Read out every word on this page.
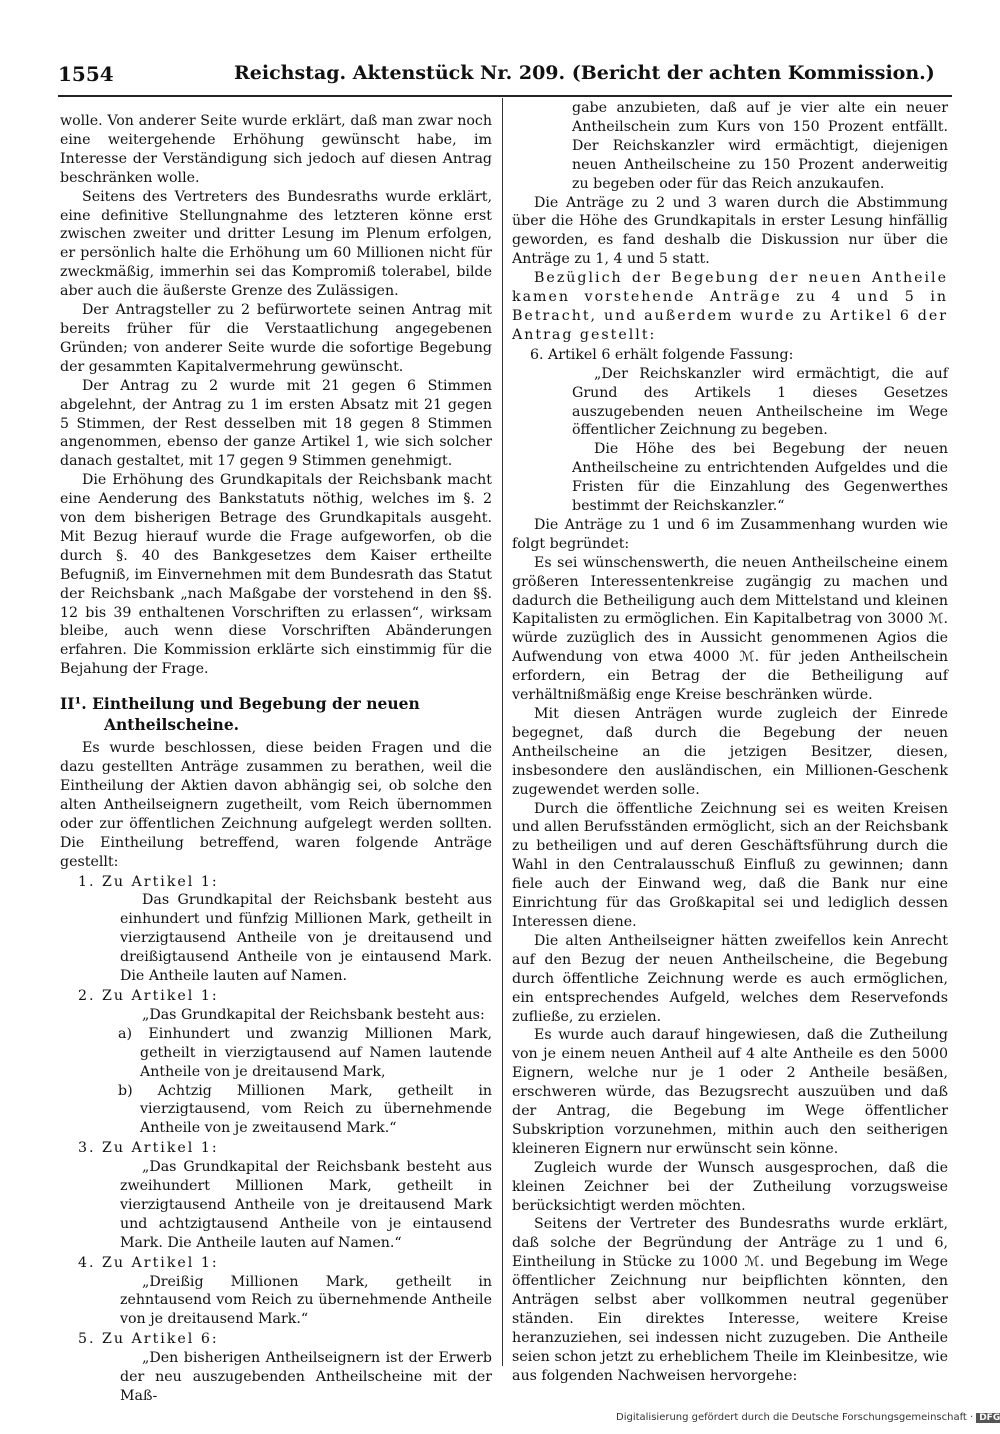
1554	Reichstag. Aktenstück Nr. 209. (Bericht der achten Kommission.)

wolle. Von anderer Seite wurde erklärt, daß man zwar noch eine weitergehende Erhöhung gewünscht habe, im Interesse der Verständigung sich jedoch auf diesen Antrag beschränken wolle.

Seitens des Vertreters des Bundesraths wurde erklärt, eine definitive Stellungnahme des letzteren könne erst zwischen zweiter und dritter Lesung im Plenum erfolgen, er persönlich halte die Erhöhung um 60 Millionen nicht für zweckmäßig, immerhin sei das Kompromiß tolerabel, bilde aber auch die äußerste Grenze des Zulässigen.

Der Antragsteller zu 2 befürwortete seinen Antrag mit bereits früher für die Verstaatlichung angegebenen Gründen; von anderer Seite wurde die sofortige Begebung der gesammten Kapitalvermehrung gewünscht.

Der Antrag zu 2 wurde mit 21 gegen 6 Stimmen abgelehnt, der Antrag zu 1 im ersten Absatz mit 21 gegen 5 Stimmen, der Rest desselben mit 18 gegen 8 Stimmen angenommen, ebenso der ganze Artikel 1, wie sich solcher danach gestaltet, mit 17 gegen 9 Stimmen genehmigt.

Die Erhöhung des Grundkapitals der Reichsbank macht eine Aenderung des Bankstatuts nöthig, welches im §. 2 von dem bisherigen Betrage des Grundkapitals ausgeht. Mit Bezug hierauf wurde die Frage aufgeworfen, ob die durch §. 40 des Bankgesetzes dem Kaiser ertheilte Befugniß, im Einvernehmen mit dem Bundesrath das Statut der Reichsbank „nach Maßgabe der vorstehend in den §§. 12 bis 39 enthaltenen Vorschriften zu erlassen“, wirksam bleibe, auch wenn diese Vorschriften Abänderungen erfahren. Die Kommission erklärte sich einstimmig für die Bejahung der Frage.

II¹. Eintheilung und Begebung der neuen Antheilscheine.

Es wurde beschlossen, diese beiden Fragen und die dazu gestellten Anträge zusammen zu berathen, weil die Eintheilung der Aktien davon abhängig sei, ob solche den alten Antheilseignern zugetheilt, vom Reich übernommen oder zur öffentlichen Zeichnung aufgelegt werden sollten. Die Eintheilung betreffend, waren folgende Anträge gestellt:

1. Zu Artikel 1:
Das Grundkapital der Reichsbank besteht aus einhundert und fünfzig Millionen Mark, getheilt in vierzigtausend Antheile von je dreitausend und dreißigtausend Antheile von je eintausend Mark. Die Antheile lauten auf Namen.
2. Zu Artikel 1:
„Das Grundkapital der Reichsbank besteht aus:
a) Einhundert und zwanzig Millionen Mark, getheilt in vierzigtausend auf Namen lautende Antheile von je dreitausend Mark,
b) Achtzig Millionen Mark, getheilt in vierzigtausend, vom Reich zu übernehmende Antheile von je zweitausend Mark.“
3. Zu Artikel 1:
„Das Grundkapital der Reichsbank besteht aus zweihundert Millionen Mark, getheilt in vierzigtausend Antheile von je dreitausend Mark und achtzigtausend Antheile von je eintausend Mark. Die Antheile lauten auf Namen.“
4. Zu Artikel 1:
„Dreißig Millionen Mark, getheilt in zehntausend vom Reich zu übernehmende Antheile von je dreitausend Mark.“
5. Zu Artikel 6:
„Den bisherigen Antheilseignern ist der Erwerb der neu auszugebenden Antheilscheine mit der Maß-

gabe anzubieten, daß auf je vier alte ein neuer Antheilschein zum Kurs von 150 Prozent entfällt. Der Reichskanzler wird ermächtigt, diejenigen neuen Antheilscheine zu 150 Prozent anderweitig zu begeben oder für das Reich anzukaufen.

Die Anträge zu 2 und 3 waren durch die Abstimmung über die Höhe des Grundkapitals in erster Lesung hinfällig geworden, es fand deshalb die Diskussion nur über die Anträge zu 1, 4 und 5 statt.

Bezüglich der Begebung der neuen Antheile kamen vorstehende Anträge zu 4 und 5 in Betracht, und außerdem wurde zu Artikel 6 der Antrag gestellt:

6. Artikel 6 erhält folgende Fassung:
„Der Reichskanzler wird ermächtigt, die auf Grund des Artikels 1 dieses Gesetzes auszugebenden neuen Antheilscheine im Wege öffentlicher Zeichnung zu begeben.
Die Höhe des bei Begebung der neuen Antheilscheine zu entrichtenden Aufgeldes und die Fristen für die Einzahlung des Gegenwerthes bestimmt der Reichskanzler.“

Die Anträge zu 1 und 6 im Zusammenhang wurden wie folgt begründet:

Es sei wünschenswerth, die neuen Antheilscheine einem größeren Interessentenkreise zugängig zu machen und dadurch die Betheiligung auch dem Mittelstand und kleinen Kapitalisten zu ermöglichen. Ein Kapitalbetrag von 3000 ℳ. würde zuzüglich des in Aussicht genommenen Agios die Aufwendung von etwa 4000 ℳ. für jeden Antheilschein erfordern, ein Betrag der die Betheiligung auf verhältnißmäßig enge Kreise beschränken würde.

Mit diesen Anträgen wurde zugleich der Einrede begegnet, daß durch die Begebung der neuen Antheilscheine an die jetzigen Besitzer, diesen, insbesondere den ausländischen, ein Millionen-Geschenk zugewendet werden solle.

Durch die öffentliche Zeichnung sei es weiten Kreisen und allen Berufsständen ermöglicht, sich an der Reichsbank zu betheiligen und auf deren Geschäftsführung durch die Wahl in den Centralausschuß Einfluß zu gewinnen; dann fiele auch der Einwand weg, daß die Bank nur eine Einrichtung für das Großkapital sei und lediglich dessen Interessen diene.

Die alten Antheilseigner hätten zweifellos kein Anrecht auf den Bezug der neuen Antheilscheine, die Begebung durch öffentliche Zeichnung werde es auch ermöglichen, ein entsprechendes Aufgeld, welches dem Reservefonds zufließe, zu erzielen.

Es wurde auch darauf hingewiesen, daß die Zutheilung von je einem neuen Antheil auf 4 alte Antheile es den 5000 Eignern, welche nur je 1 oder 2 Antheile besäßen, erschweren würde, das Bezugsrecht auszuüben und daß der Antrag, die Begebung im Wege öffentlicher Subskription vorzunehmen, mithin auch den seitherigen kleineren Eignern nur erwünscht sein könne.

Zugleich wurde der Wunsch ausgesprochen, daß die kleinen Zeichner bei der Zutheilung vorzugsweise berücksichtigt werden möchten.

Seitens der Vertreter des Bundesraths wurde erklärt, daß solche der Begründung der Anträge zu 1 und 6, Eintheilung in Stücke zu 1000 ℳ. und Begebung im Wege öffentlicher Zeichnung nur beipflichten könnten, den Anträgen selbst aber vollkommen neutral gegenüber ständen. Ein direktes Interesse, weitere Kreise heranzuziehen, sei indessen nicht zuzugeben. Die Antheile seien schon jetzt zu erheblichem Theile im Kleinbesitze, wie aus folgenden Nachweisen hervorgehe:

Digitalisierung gefördert durch die Deutsche Forschungsgemeinschaft · DFG
